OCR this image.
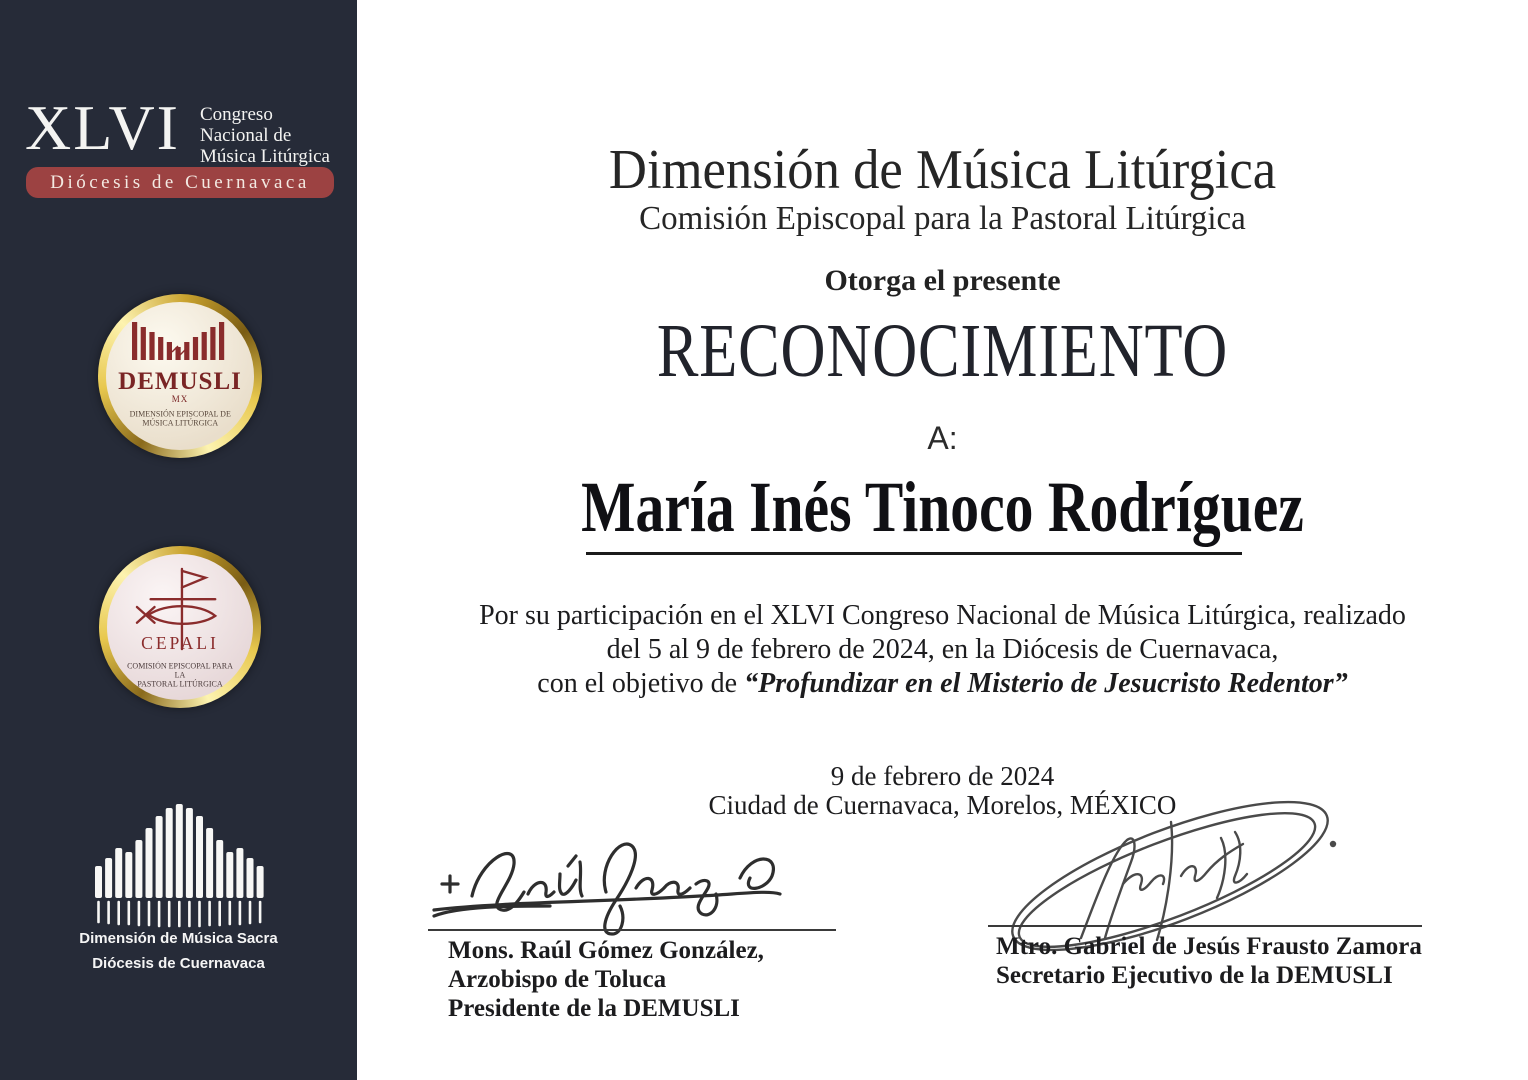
XLVI Congreso
Nacional de
Música Litúrgica
Diócesis de Cuernavaca
DEMUSLI
MX
DIMENSIÓN EPISCOPAL DE
MÚSICA LITÚRGICA
CEPALI
COMISIÓN EPISCOPAL PARA LA
PASTORAL LITÚRGICA
Dimensión de Música Sacra
Diócesis de Cuernavaca
Dimensión de Música Litúrgica
Comisión Episcopal para la Pastoral Litúrgica
Otorga el presente
RECONOCIMIENTO
A:
María Inés Tinoco Rodríguez
Por su participación en el XLVI Congreso Nacional de Música Litúrgica, realizado
del 5 al 9 de febrero de 2024, en la Diócesis de Cuernavaca,
con el objetivo de “Profundizar en el Misterio de Jesucristo Redentor”
9 de febrero de 2024
Ciudad de Cuernavaca, Morelos, MÉXICO
Mons. Raúl Gómez González,
Arzobispo de Toluca
Presidente de la DEMUSLI
Mtro. Gabriel de Jesús Frausto Zamora
Secretario Ejecutivo de la DEMUSLI
